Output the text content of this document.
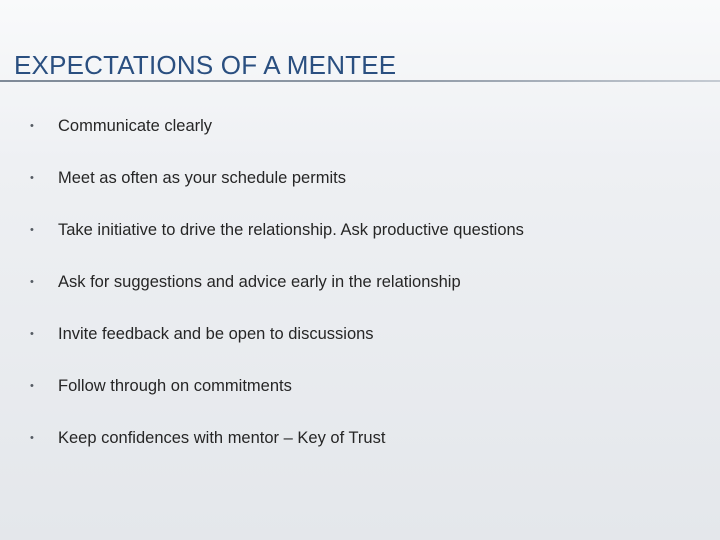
EXPECTATIONS OF A MENTEE
•	Communicate clearly
•	Meet as often as your schedule permits
•	Take initiative to drive the relationship. Ask productive questions
•	Ask for suggestions and advice early in the relationship
•	Invite feedback and be open to discussions
•	Follow through on commitments
•	Keep confidences with mentor – Key of Trust
